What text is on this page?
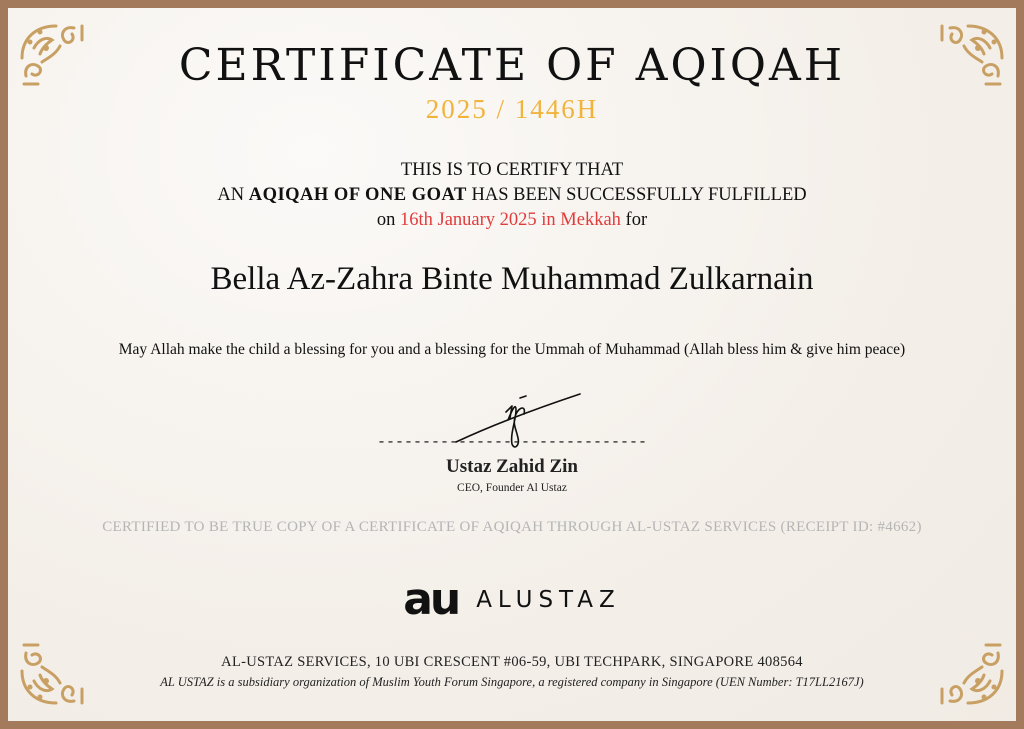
CERTIFICATE OF AQIQAH
2025 / 1446H
THIS IS TO CERTIFY THAT
AN AQIQAH OF ONE GOAT HAS BEEN SUCCESSFULLY FULFILLED
on 16th January 2025 in Mekkah for
Bella Az-Zahra Binte Muhammad Zulkarnain
May Allah make the child a blessing for you and a blessing for the Ummah of Muhammad (Allah bless him & give him peace)
------------------------------
Ustaz Zahid Zin
CEO, Founder Al Ustaz
CERTIFIED TO BE TRUE COPY OF A CERTIFICATE OF AQIQAH THROUGH AL-USTAZ SERVICES (RECEIPT ID: #4662)
au ALUSTAZ
AL-USTAZ SERVICES, 10 UBI CRESCENT #06-59, UBI TECHPARK, SINGAPORE 408564
AL USTAZ is a subsidiary organization of Muslim Youth Forum Singapore, a registered company in Singapore (UEN Number: T17LL2167J)
